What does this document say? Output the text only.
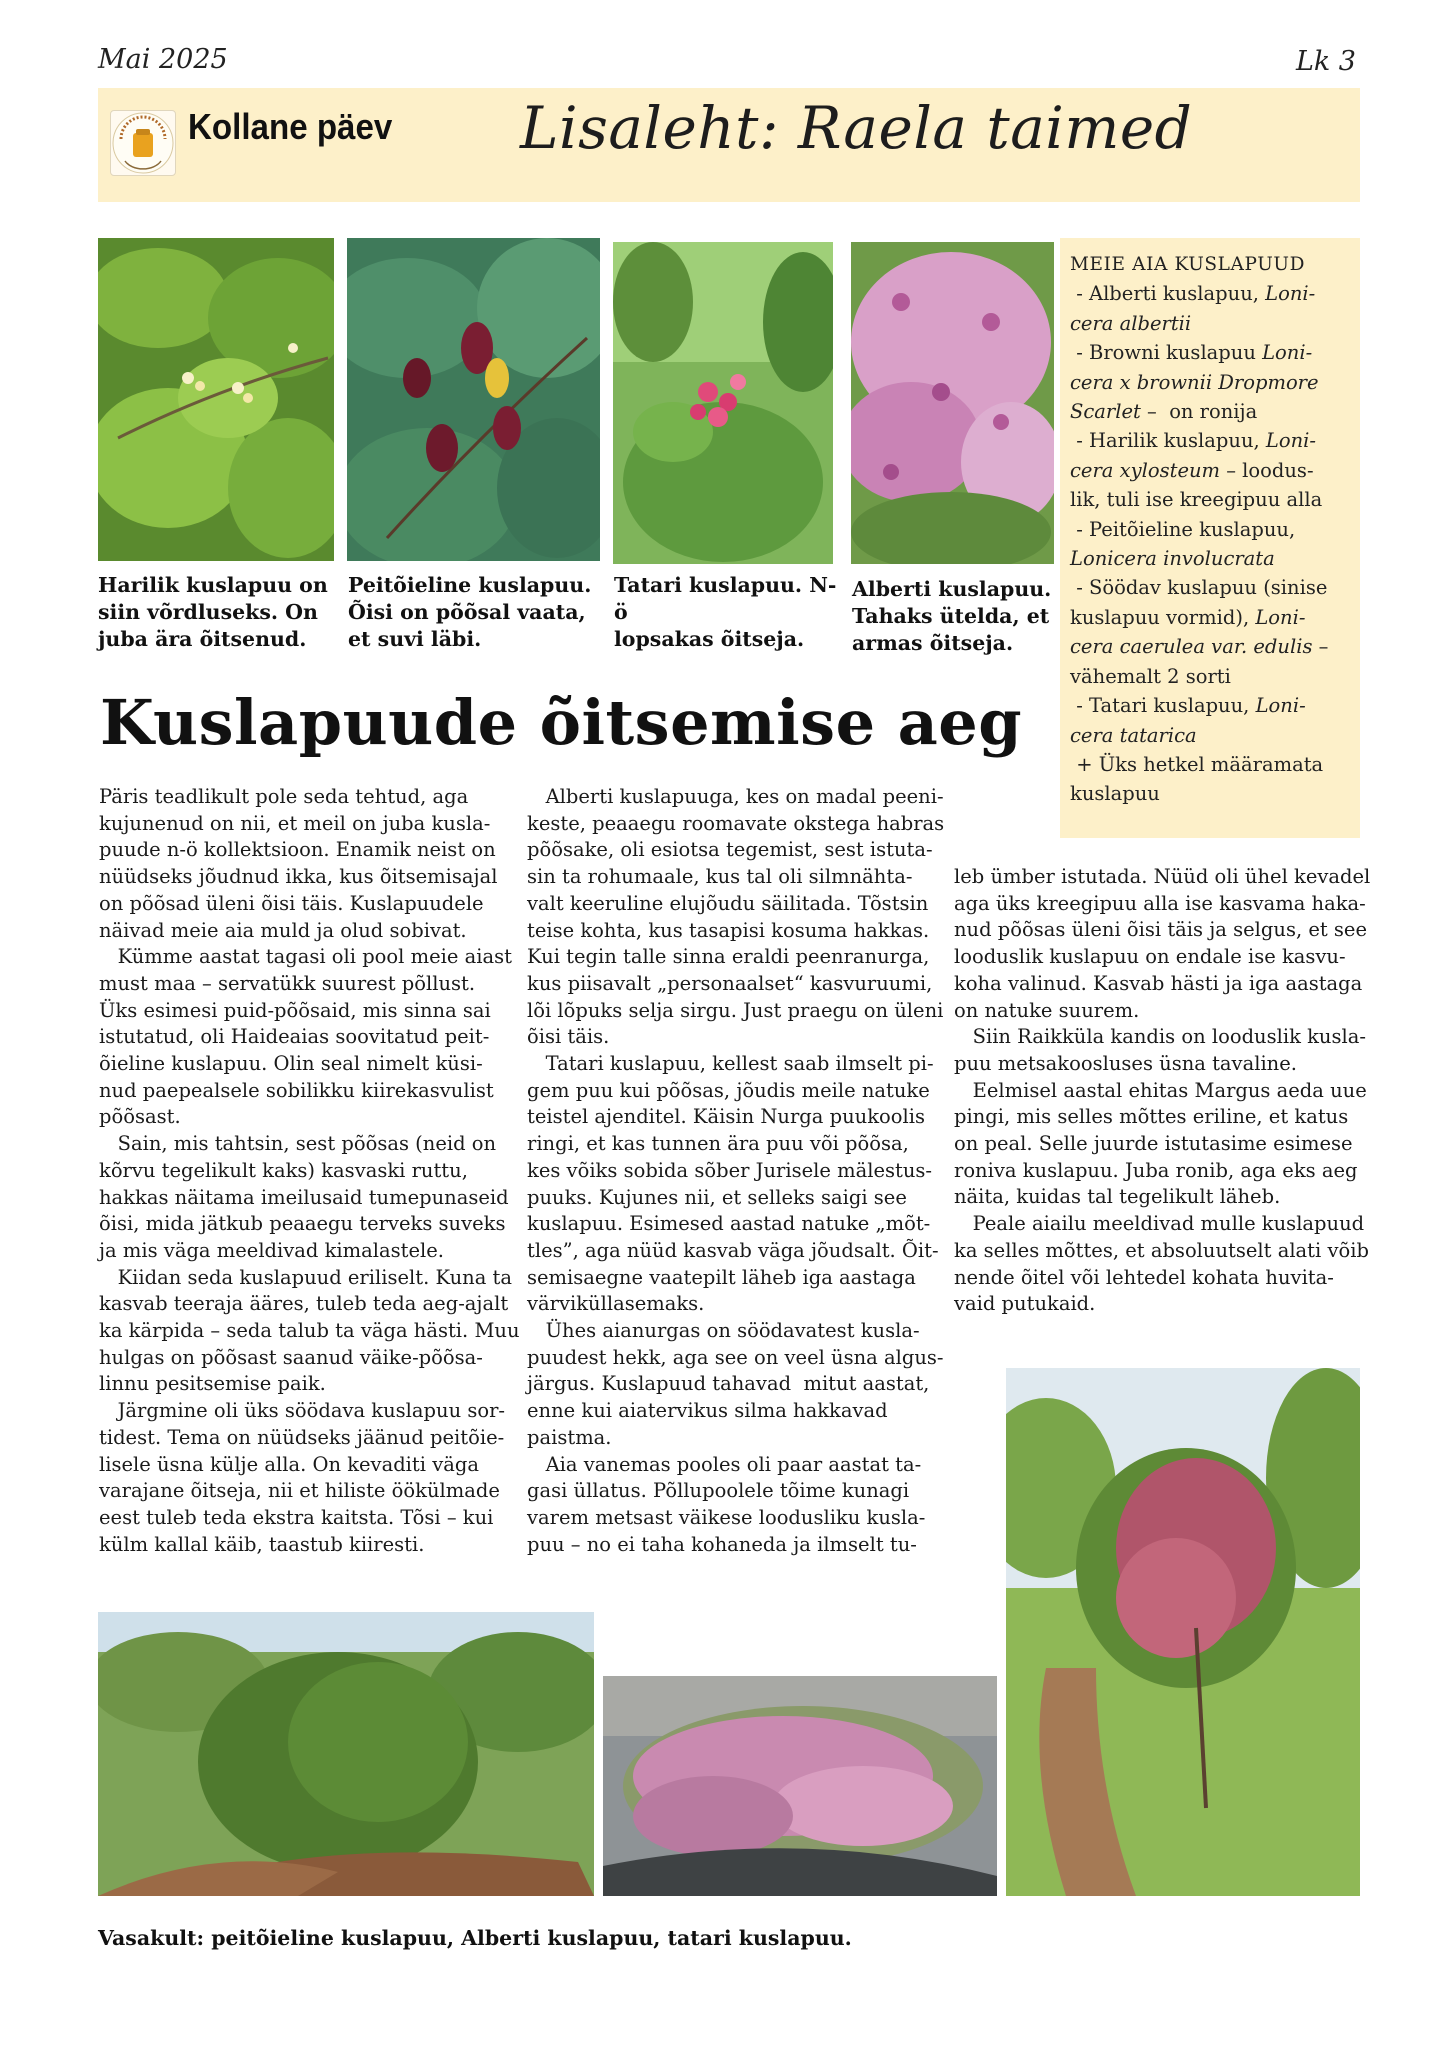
Mai 2025	Lk 3
Kollane päev Lisaleht: Raela taimed
Harilik kuslapuu on
siin võrdluseks. On
juba ära õitsenud.
Peitõieline kuslapuu.
Õisi on põõsal vaata,
et suvi läbi.
Tatari kuslapuu. N-ö
lopsakas õitseja.
Alberti kuslapuu.
Tahaks ütelda, et
armas õitseja.
MEIE AIA KUSLAPUUD
- Alberti kuslapuu, Loni-
cera albertii
- Browni kuslapuu Loni-
cera x brownii Dropmore
Scarlet –  on ronija
- Harilik kuslapuu, Loni-
cera xylosteum – loodus-
lik, tuli ise kreegipuu alla
- Peitõieline kuslapuu,
Lonicera involucrata
- Söödav kuslapuu (sinise
kuslapuu vormid), Loni-
cera caerulea var. edulis –
vähemalt 2 sorti
- Tatari kuslapuu, Loni-
cera tatarica
+ Üks hetkel määramata
kuslapuu
Kuslapuude õitsemise aeg
Päris teadlikult pole seda tehtud, aga
kujunenud on nii, et meil on juba kusla-
puude n-ö kollektsioon. Enamik neist on
nüüdseks jõudnud ikka, kus õitsemisajal
on põõsad üleni õisi täis. Kuslapuudele
näivad meie aia muld ja olud sobivat.
Kümme aastat tagasi oli pool meie aiast
must maa – servatükk suurest põllust.
Üks esimesi puid-põõsaid, mis sinna sai
istutatud, oli Haideaias soovitatud peit-
õieline kuslapuu. Olin seal nimelt küsi-
nud paepealsele sobilikku kiirekasvulist
põõsast.
Sain, mis tahtsin, sest põõsas (neid on
kõrvu tegelikult kaks) kasvaski ruttu,
hakkas näitama imeilusaid tumepunaseid
õisi, mida jätkub peaaegu terveks suveks
ja mis väga meeldivad kimalastele.
Kiidan seda kuslapuud eriliselt. Kuna ta
kasvab teeraja ääres, tuleb teda aeg-ajalt
ka kärpida – seda talub ta väga hästi. Muu
hulgas on põõsast saanud väike-põõsa-
linnu pesitsemise paik.
Järgmine oli üks söödava kuslapuu sor-
tidest. Tema on nüüdseks jäänud peitõie-
lisele üsna külje alla. On kevaditi väga
varajane õitseja, nii et hiliste öökülmade
eest tuleb teda ekstra kaitsta. Tõsi – kui
külm kallal käib, taastub kiiresti.
Alberti kuslapuuga, kes on madal peeni-
keste, peaaegu roomavate okstega habras
põõsake, oli esiotsa tegemist, sest istuta-
sin ta rohumaale, kus tal oli silmnähta-
valt keeruline elujõudu säilitada. Tõstsin
teise kohta, kus tasapisi kosuma hakkas.
Kui tegin talle sinna eraldi peenranurga,
kus piisavalt „personaalset“ kasvuruumi,
lõi lõpuks selja sirgu. Just praegu on üleni
õisi täis.
Tatari kuslapuu, kellest saab ilmselt pi-
gem puu kui põõsas, jõudis meile natuke
teistel ajenditel. Käisin Nurga puukoolis
ringi, et kas tunnen ära puu või põõsa,
kes võiks sobida sõber Jurisele mälestus-
puuks. Kujunes nii, et selleks saigi see
kuslapuu. Esimesed aastad natuke „mõt-
tles”, aga nüüd kasvab väga jõudsalt. Õit-
semisaegne vaatepilt läheb iga aastaga
värviküllasemaks.
Ühes aianurgas on söödavatest kusla-
puudest hekk, aga see on veel üsna algus-
järgus. Kuslapuud tahavad  mitut aastat,
enne kui aiatervikus silma hakkavad
paistma.
Aia vanemas pooles oli paar aastat ta-
gasi üllatus. Põllupoolele tõime kunagi
varem metsast väikese loodusliku kusla-
puu – no ei taha kohaneda ja ilmselt tu-
leb ümber istutada. Nüüd oli ühel kevadel
aga üks kreegipuu alla ise kasvama haka-
nud põõsas üleni õisi täis ja selgus, et see
looduslik kuslapuu on endale ise kasvu-
koha valinud. Kasvab hästi ja iga aastaga
on natuke suurem.
Siin Raikküla kandis on looduslik kusla-
puu metsakoosluses üsna tavaline.
Eelmisel aastal ehitas Margus aeda uue
pingi, mis selles mõttes eriline, et katus
on peal. Selle juurde istutasime esimese
roniva kuslapuu. Juba ronib, aga eks aeg
näita, kuidas tal tegelikult läheb.
Peale aiailu meeldivad mulle kuslapuud
ka selles mõttes, et absoluutselt alati võib
nende õitel või lehtedel kohata huvita-
vaid putukaid.
Vasakult: peitõieline kuslapuu, Alberti kuslapuu, tatari kuslapuu.
